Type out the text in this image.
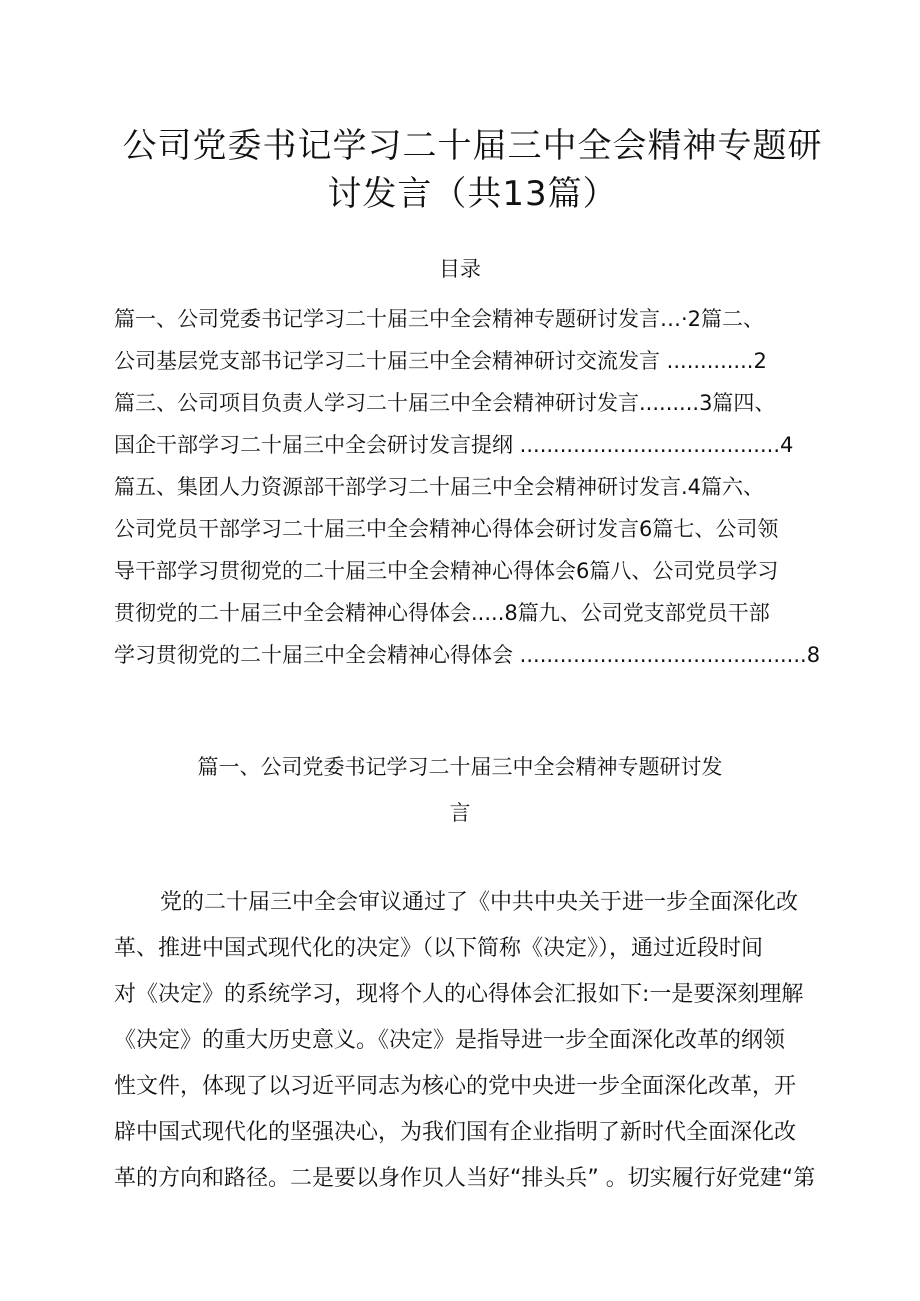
公司党委书记学习二十届三中全会精神专题研
讨发言（共13篇）
目录
篇一、公司党委书记学习二十届三中全会精神专题研讨发言…·2篇二、
公司基层党支部书记学习二十届三中全会精神研讨交流发言 .............2
篇三、公司项目负责人学习二十届三中全会精神研讨发言.........3篇四、
国企干部学习二十届三中全会研讨发言提纲 .......................................4
篇五、集团人力资源部干部学习二十届三中全会精神研讨发言.4篇六、
公司党员干部学习二十届三中全会精神心得体会研讨发言6篇七、公司领
导干部学习贯彻党的二十届三中全会精神心得体会6篇八、公司党员学习
贯彻党的二十届三中全会精神心得体会.....8篇九、公司党支部党员干部
学习贯彻党的二十届三中全会精神心得体会 ...........................................8
篇一、公司党委书记学习二十届三中全会精神专题研讨发
言
党的二十届三中全会审议通过了《中共中央关于进一步全面深化改
革、推进中国式现代化的决定》（以下简称《决定》），通过近段时间
对《决定》的系统学习，现将个人的心得体会汇报如下:一是要深刻理解
《决定》的重大历史意义。《决定》是指导进一步全面深化改革的纲领
性文件，体现了以习近平同志为核心的党中央进一步全面深化改革，开
辟中国式现代化的坚强决心，为我们国有企业指明了新时代全面深化改
革的方向和路径。二是要以身作贝人当好“排头兵” 。切实履行好党建“第
